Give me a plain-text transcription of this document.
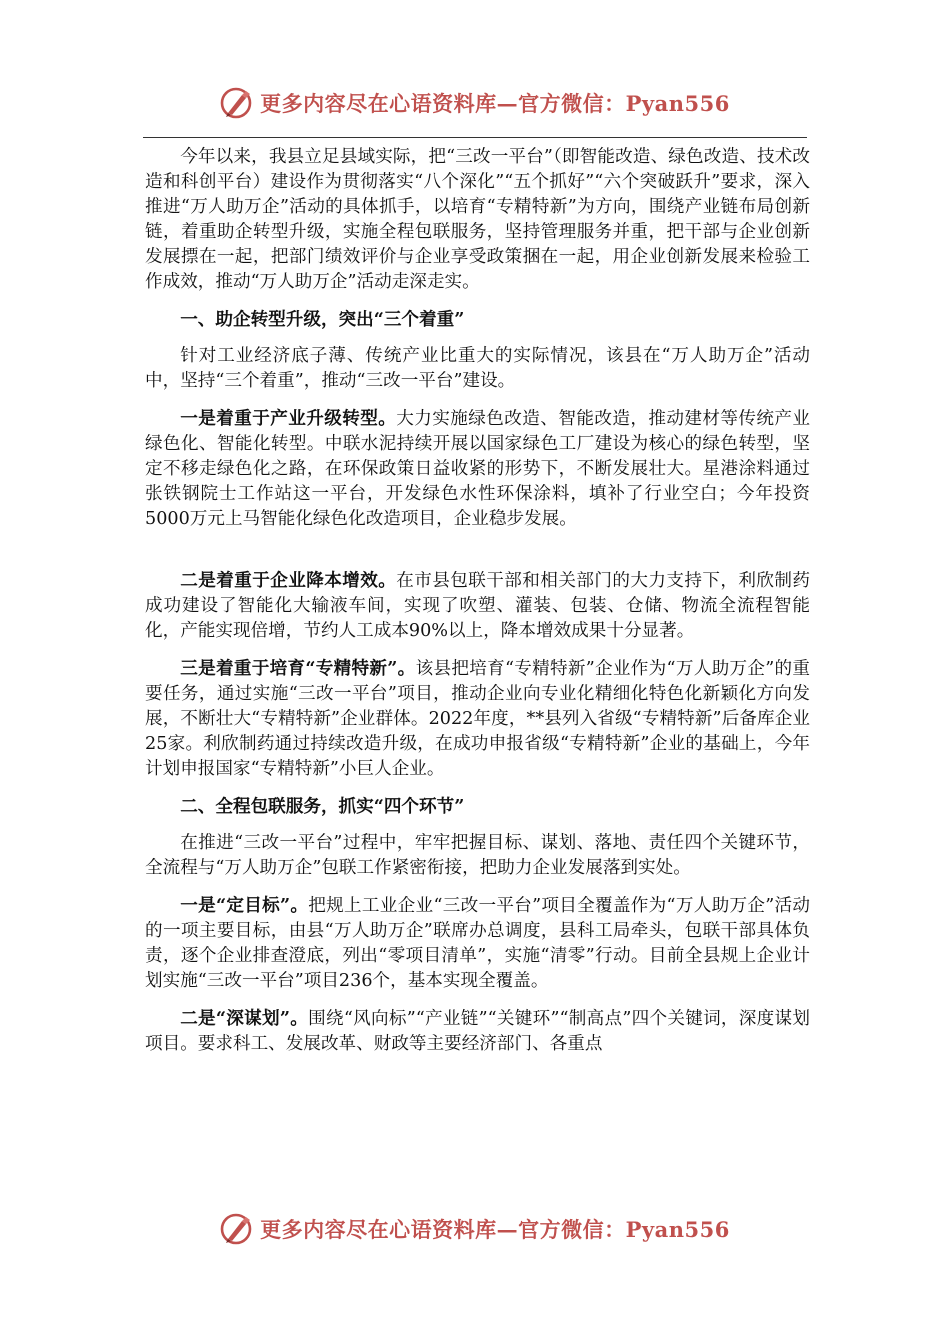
更多内容尽在心语资料库—官方微信：Pyan556

今年以来，我县立足县域实际，把“三改一平台”（即智能改造、绿色改造、技术改造和科创平台）建设作为贯彻落实“八个深化”“五个抓好”“六个突破跃升”要求，深入推进“万人助万企”活动的具体抓手，以培育“专精特新”为方向，围绕产业链布局创新链，着重助企转型升级，实施全程包联服务，坚持管理服务并重，把干部与企业创新发展摽在一起，把部门绩效评价与企业享受政策捆在一起，用企业创新发展来检验工作成效，推动“万人助万企”活动走深走实。

一、助企转型升级，突出“三个着重”

针对工业经济底子薄、传统产业比重大的实际情况，该县在“万人助万企”活动中，坚持“三个着重”，推动“三改一平台”建设。

一是着重于产业升级转型。大力实施绿色改造、智能改造，推动建材等传统产业绿色化、智能化转型。中联水泥持续开展以国家绿色工厂建设为核心的绿色转型，坚定不移走绿色化之路，在环保政策日益收紧的形势下，不断发展壮大。星港涂料通过张铁钢院士工作站这一平台，开发绿色水性环保涂料，填补了行业空白；今年投资5000万元上马智能化绿色化改造项目，企业稳步发展。

二是着重于企业降本增效。在市县包联干部和相关部门的大力支持下，利欣制药成功建设了智能化大输液车间，实现了吹塑、灌装、包装、仓储、物流全流程智能化，产能实现倍增，节约人工成本90%以上，降本增效成果十分显著。

三是着重于培育“专精特新”。该县把培育“专精特新”企业作为“万人助万企”的重要任务，通过实施“三改一平台”项目，推动企业向专业化精细化特色化新颖化方向发展，不断壮大“专精特新”企业群体。2022年度，**县列入省级“专精特新”后备库企业25家。利欣制药通过持续改造升级，在成功申报省级“专精特新”企业的基础上，今年计划申报国家“专精特新”小巨人企业。

二、全程包联服务，抓实“四个环节”

在推进“三改一平台”过程中，牢牢把握目标、谋划、落地、责任四个关键环节，全流程与“万人助万企”包联工作紧密衔接，把助力企业发展落到实处。

一是“定目标”。把规上工业企业“三改一平台”项目全覆盖作为“万人助万企”活动的一项主要目标，由县“万人助万企”联席办总调度，县科工局牵头，包联干部具体负责，逐个企业排查澄底，列出“零项目清单”，实施“清零”行动。目前全县规上企业计划实施“三改一平台”项目236个，基本实现全覆盖。

二是“深谋划”。围绕“风向标”“产业链”“关键环”“制高点”四个关键词，深度谋划项目。要求科工、发展改革、财政等主要经济部门、各重点

更多内容尽在心语资料库—官方微信：Pyan556
